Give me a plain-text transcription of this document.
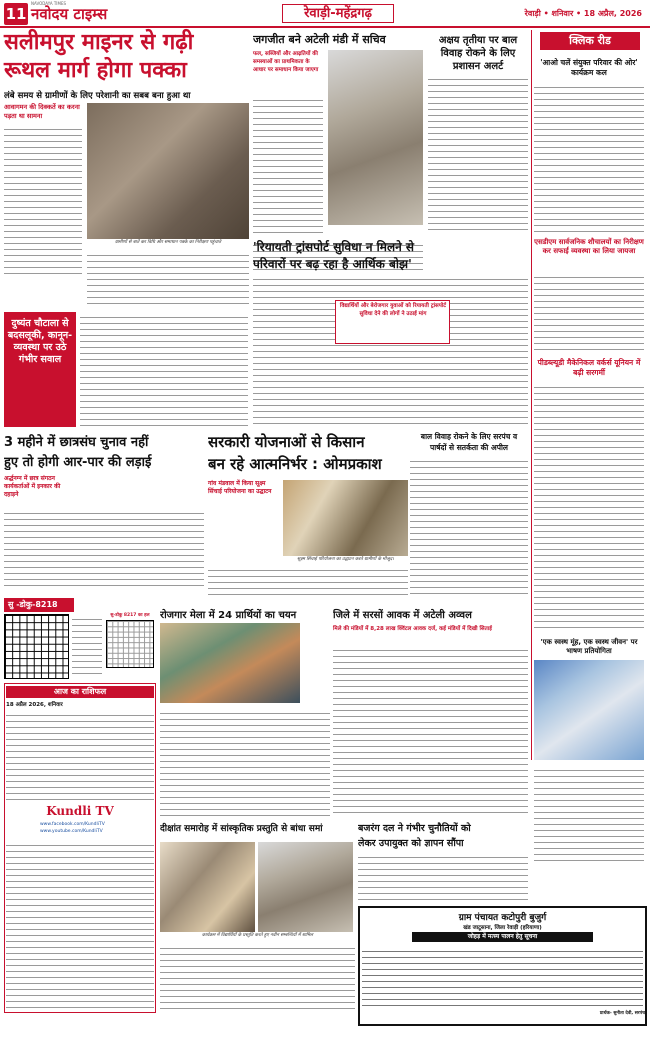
11
NAVODAYA TIMES
नवोदय टाइम्स	रेवाड़ी-महेंद्रगढ़	रेवाड़ी • शनिवार • 18 अप्रैल, 2026
सलीमपुर माइनर से गढ़ी
रूथल मार्ग होगा पक्का
लंबे समय से ग्रामीणों के लिए परेशानी का सबब बना हुआ था
आवागमन की दिक्कतें का करना पड़ता था सामना
ग्रामीणों से बातें कर विधि और समाधान पक्के का निरीक्षण पहुंचाते
जगजीत बने अटेली मंडी में सचिव
फल, सब्जियों और आढ़तियों की समस्याओं का प्राथमिकता के आधार पर समाधान किया जाएगा
अक्षय तृतीया पर बाल
विवाह रोकने के लिए
प्रशासन अलर्ट
क्लिक रीड
'आओ चलें संयुक्त परिवार की ओर' कार्यक्रम कल
एसडीएम सार्वजनिक शौचालयों का निरीक्षण कर सफाई व्यवस्था का लिया जायजा
पीडब्ल्यूडी मैकेनिकल वर्कर्स यूनियन में बढ़ी सरगर्मी
'एक स्वस्थ मूंह, एक स्वस्थ जीवन' पर भाषण प्रतियोगिता
'रियायती ट्रांसपोर्ट सुविधा न मिलने से
परिवारों पर बढ़ रहा है आर्थिक बोझ'
विद्यार्थियों और बेरोजगार युवाओं को रियायती ट्रांसपोर्ट सुविधा देने की लोगों ने उठाई मांग
दुष्यंत चौटाला से बदसलूकी, कानून-व्यवस्था पर उठे गंभीर सवाल
3 महीने में छात्रसंघ चुनाव नहीं
हुए तो होगी आर-पार की लड़ाई
अर्द्धनग्न में छात्र संगठन कार्यकर्ताओं में इनकार की दहाड़ने
सरकारी योजनाओं से किसान
बन रहे आत्मनिर्भर : ओमप्रकाश
गांव मंडवाल में किया सूक्ष्म सिंचाई परियोजना का उद्घाटन
सूक्ष्म सिंचाई परियोजना का उद्घाटन करते ग्रामीणों के मौजूद।
बाल विवाह रोकने के लिए सरपंच व
पार्षदों से सतर्कता की अपील
सु -डोकु-8218
सु-डोकु 8217 का हल	रोजगार मेला में 24 प्रार्थियों का चयन	जिले में सरसों आवक में अटेली अव्वल
मिले की मंडियों में 8,28 लाख क्विंटल आवक दर्ज, कई मंडियों में दिखी सिताई
आज का राशिफल
18 अप्रैल 2026, शनिवार
Kundli TV
www.facebook.com/KundliTV
www.youtube.com/KundliTV	दीक्षांत समारोह में सांस्कृतिक प्रस्तुति से बांधा समां
कार्यक्रम में विद्यार्थियों के प्रस्तुति करते हुए नवीन सम्बन्धियों में शामिल
बजरंग दल ने गंभीर चुनौतियों को
लेकर उपायुक्त को ज्ञापन सौंपा
ग्राम पंचायत कटोपुरी बुजुर्ग
खंड जाटूसाना, जिला रेवाड़ी (हरियाणा)
जोहड़ में मत्स्य पालन हेतु सूचना
प्रार्थक- सुनीता देवी, सरपंच
